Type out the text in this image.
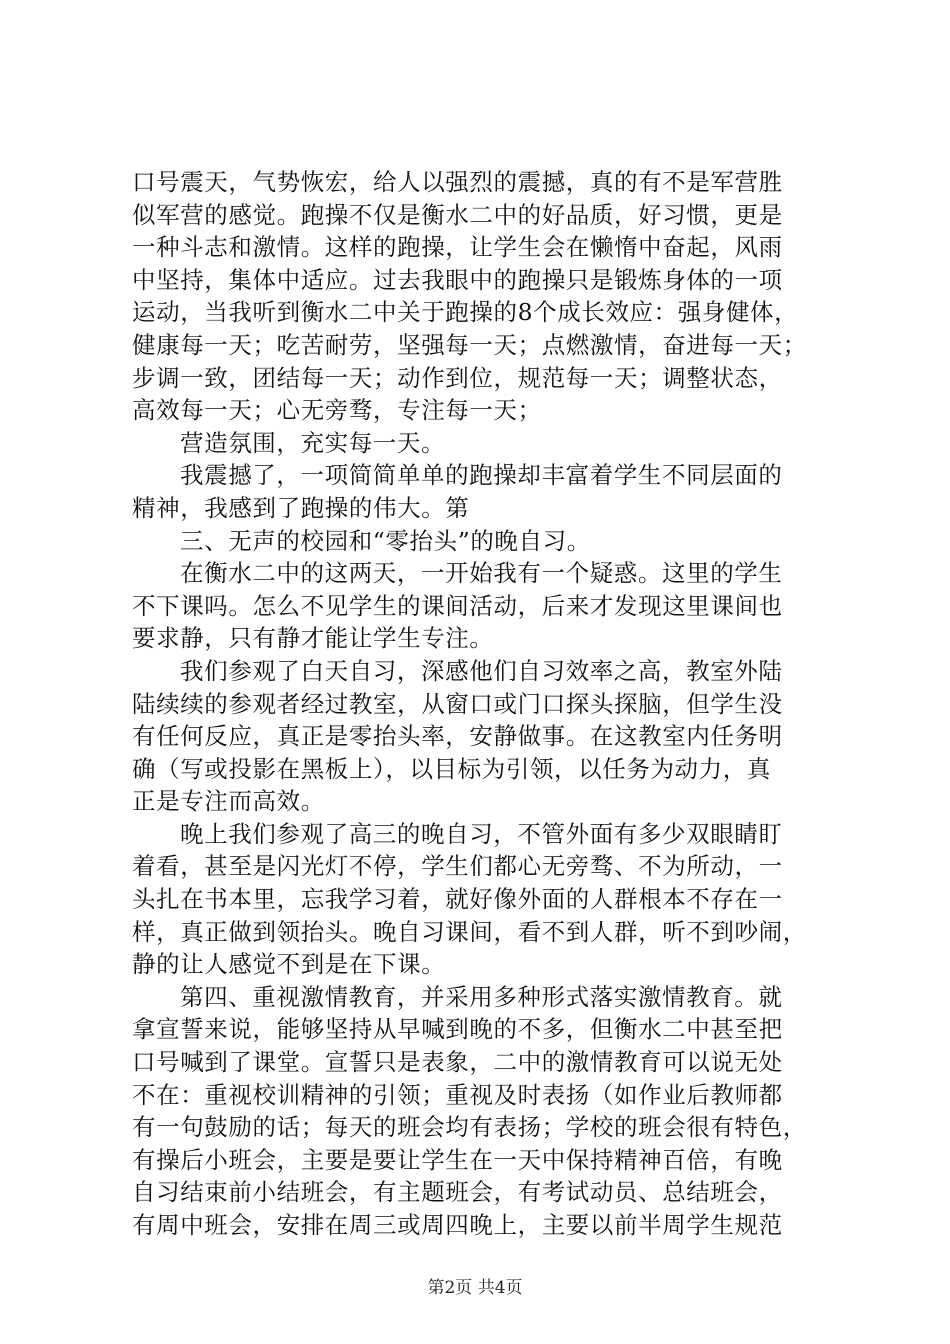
口号震天，气势恢宏，给人以强烈的震撼，真的有不是军营胜
似军营的感觉。跑操不仅是衡水二中的好品质，好习惯，更是
一种斗志和激情。这样的跑操，让学生会在懒惰中奋起，风雨
中坚持，集体中适应。过去我眼中的跑操只是锻炼身体的一项
运动，当我听到衡水二中关于跑操的8个成长效应：强身健体，
健康每一天；吃苦耐劳，坚强每一天；点燃激情，奋进每一天；
步调一致，团结每一天；动作到位，规范每一天；调整状态，
高效每一天；心无旁骛，专注每一天；
营造氛围，充实每一天。
我震撼了，一项简简单单的跑操却丰富着学生不同层面的
精神，我感到了跑操的伟大。第
三、无声的校园和“零抬头”的晚自习。
在衡水二中的这两天，一开始我有一个疑惑。这里的学生
不下课吗。怎么不见学生的课间活动，后来才发现这里课间也
要求静，只有静才能让学生专注。
我们参观了白天自习，深感他们自习效率之高，教室外陆
陆续续的参观者经过教室，从窗口或门口探头探脑，但学生没
有任何反应，真正是零抬头率，安静做事。在这教室内任务明
确（写或投影在黑板上），以目标为引领，以任务为动力，真
正是专注而高效。
晚上我们参观了高三的晚自习，不管外面有多少双眼睛盯
着看，甚至是闪光灯不停，学生们都心无旁骛、不为所动，一
头扎在书本里，忘我学习着，就好像外面的人群根本不存在一
样，真正做到领抬头。晚自习课间，看不到人群，听不到吵闹，
静的让人感觉不到是在下课。
第四、重视激情教育，并采用多种形式落实激情教育。就
拿宣誓来说，能够坚持从早喊到晚的不多，但衡水二中甚至把
口号喊到了课堂。宣誓只是表象，二中的激情教育可以说无处
不在：重视校训精神的引领；重视及时表扬（如作业后教师都
有一句鼓励的话；每天的班会均有表扬；学校的班会很有特色，
有操后小班会，主要是要让学生在一天中保持精神百倍，有晚
自习结束前小结班会，有主题班会，有考试动员、总结班会，
有周中班会，安排在周三或周四晚上，主要以前半周学生规范
第2页 共4页
